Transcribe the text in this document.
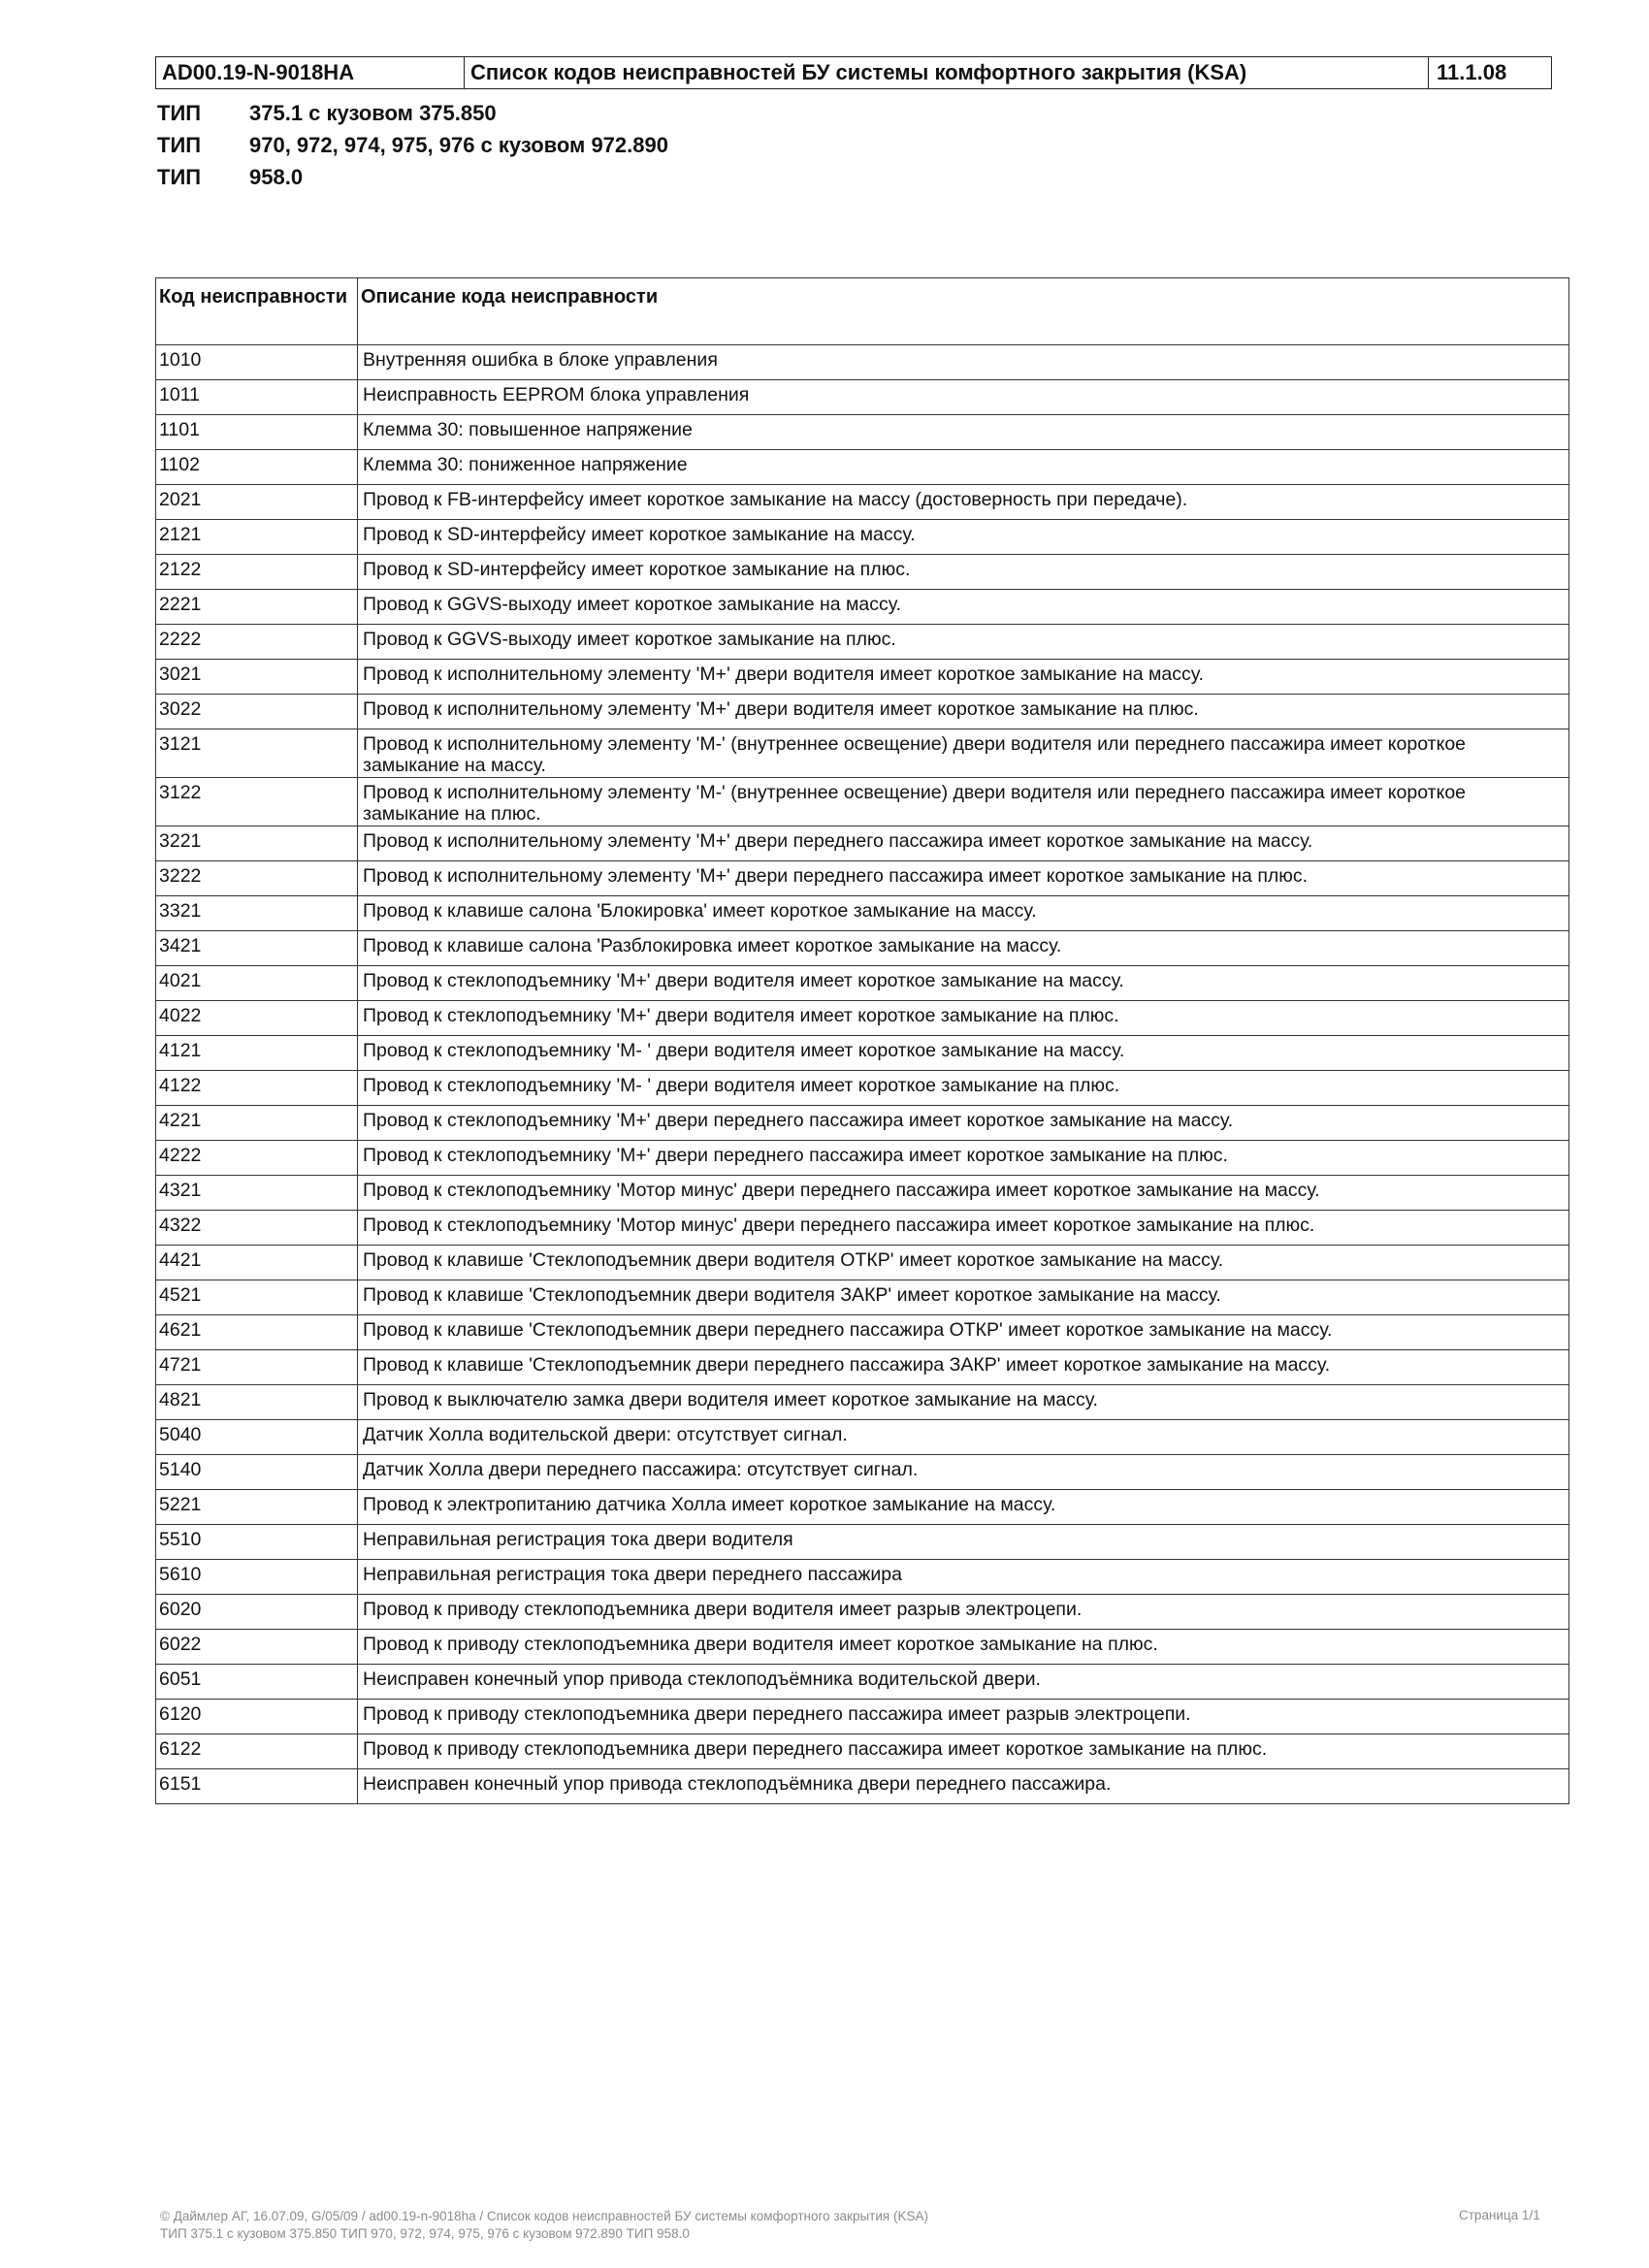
AD00.19-N-9018HA	Список кодов неисправностей БУ системы комфортного закрытия (KSA)	11.1.08
ТИП	375.1 с кузовом 375.850
ТИП	970, 972, 974, 975, 976 с кузовом 972.890
ТИП	958.0
Код неисправности	Описание кода неисправности
1010	Внутренняя ошибка в блоке управления
1011	Неисправность EEPROM блока управления
1101	Клемма 30: повышенное напряжение
1102	Клемма 30: пониженное напряжение
2021	Провод к FB-интерфейсу имеет короткое замыкание на массу (достоверность при передаче).
2121	Провод к SD-интерфейсу имеет короткое замыкание на массу.
2122	Провод к SD-интерфейсу имеет короткое замыкание на плюс.
2221	Провод к GGVS-выходу имеет короткое замыкание на массу.
2222	Провод к GGVS-выходу имеет короткое замыкание на плюс.
3021	Провод к исполнительному элементу 'М+' двери водителя имеет короткое замыкание на массу.
3022	Провод к исполнительному элементу 'М+' двери водителя имеет короткое замыкание на плюс.
3121	Провод к исполнительному элементу 'М-' (внутреннее освещение) двери водителя или переднего пассажира имеет короткое замыкание на массу.
3122	Провод к исполнительному элементу 'М-' (внутреннее освещение) двери водителя или переднего пассажира имеет короткое замыкание на плюс.
3221	Провод к исполнительному элементу 'М+' двери переднего пассажира имеет короткое замыкание на массу.
3222	Провод к исполнительному элементу 'М+' двери переднего пассажира имеет короткое замыкание на плюс.
3321	Провод к клавише салона 'Блокировка' имеет короткое замыкание на массу.
3421	Провод к клавише салона 'Разблокировка имеет короткое замыкание на массу.
4021	Провод к стеклоподъемнику 'М+' двери водителя имеет короткое замыкание на массу.
4022	Провод к стеклоподъемнику 'М+' двери водителя имеет короткое замыкание на плюс.
4121	Провод к стеклоподъемнику 'М- ' двери водителя имеет короткое замыкание на массу.
4122	Провод к стеклоподъемнику 'М- ' двери водителя имеет короткое замыкание на плюс.
4221	Провод к стеклоподъемнику 'М+' двери переднего пассажира имеет короткое замыкание на массу.
4222	Провод к стеклоподъемнику 'М+' двери переднего пассажира имеет короткое замыкание на плюс.
4321	Провод к стеклоподъемнику 'Мотор минус' двери переднего пассажира имеет короткое замыкание на массу.
4322	Провод к стеклоподъемнику 'Мотор минус' двери переднего пассажира имеет короткое замыкание на плюс.
4421	Провод к клавише 'Стеклоподъемник двери водителя ОТКР' имеет короткое замыкание на массу.
4521	Провод к клавише 'Стеклоподъемник двери водителя ЗАКР' имеет короткое замыкание на массу.
4621	Провод к клавише 'Стеклоподъемник двери переднего пассажира ОТКР' имеет короткое замыкание на массу.
4721	Провод к клавише 'Стеклоподъемник двери переднего пассажира ЗАКР' имеет короткое замыкание на массу.
4821	Провод к выключателю замка двери водителя имеет короткое замыкание на массу.
5040	Датчик Холла водительской двери: отсутствует сигнал.
5140	Датчик Холла двери переднего пассажира: отсутствует сигнал.
5221	Провод к электропитанию датчика Холла имеет короткое замыкание на массу.
5510	Неправильная регистрация тока двери водителя
5610	Неправильная регистрация тока двери переднего пассажира
6020	Провод к приводу стеклоподъемника двери водителя имеет разрыв электроцепи.
6022	Провод к приводу стеклоподъемника двери водителя имеет короткое замыкание на плюс.
6051	Неисправен конечный упор привода стеклоподъёмника водительской двери.
6120	Провод к приводу стеклоподъемника двери переднего пассажира имеет разрыв электроцепи.
6122	Провод к приводу стеклоподъемника двери переднего пассажира имеет короткое замыкание на плюс.
6151	Неисправен конечный упор привода стеклоподъёмника двери переднего пассажира.
© Даймлер АГ, 16.07.09, G/05/09 / ad00.19-n-9018ha / Список кодов неисправностей БУ системы комфортного закрытия (KSA)
ТИП 375.1 с кузовом 375.850 ТИП 970, 972, 974, 975, 976 с кузовом 972.890 ТИП 958.0
Страница 1/1
